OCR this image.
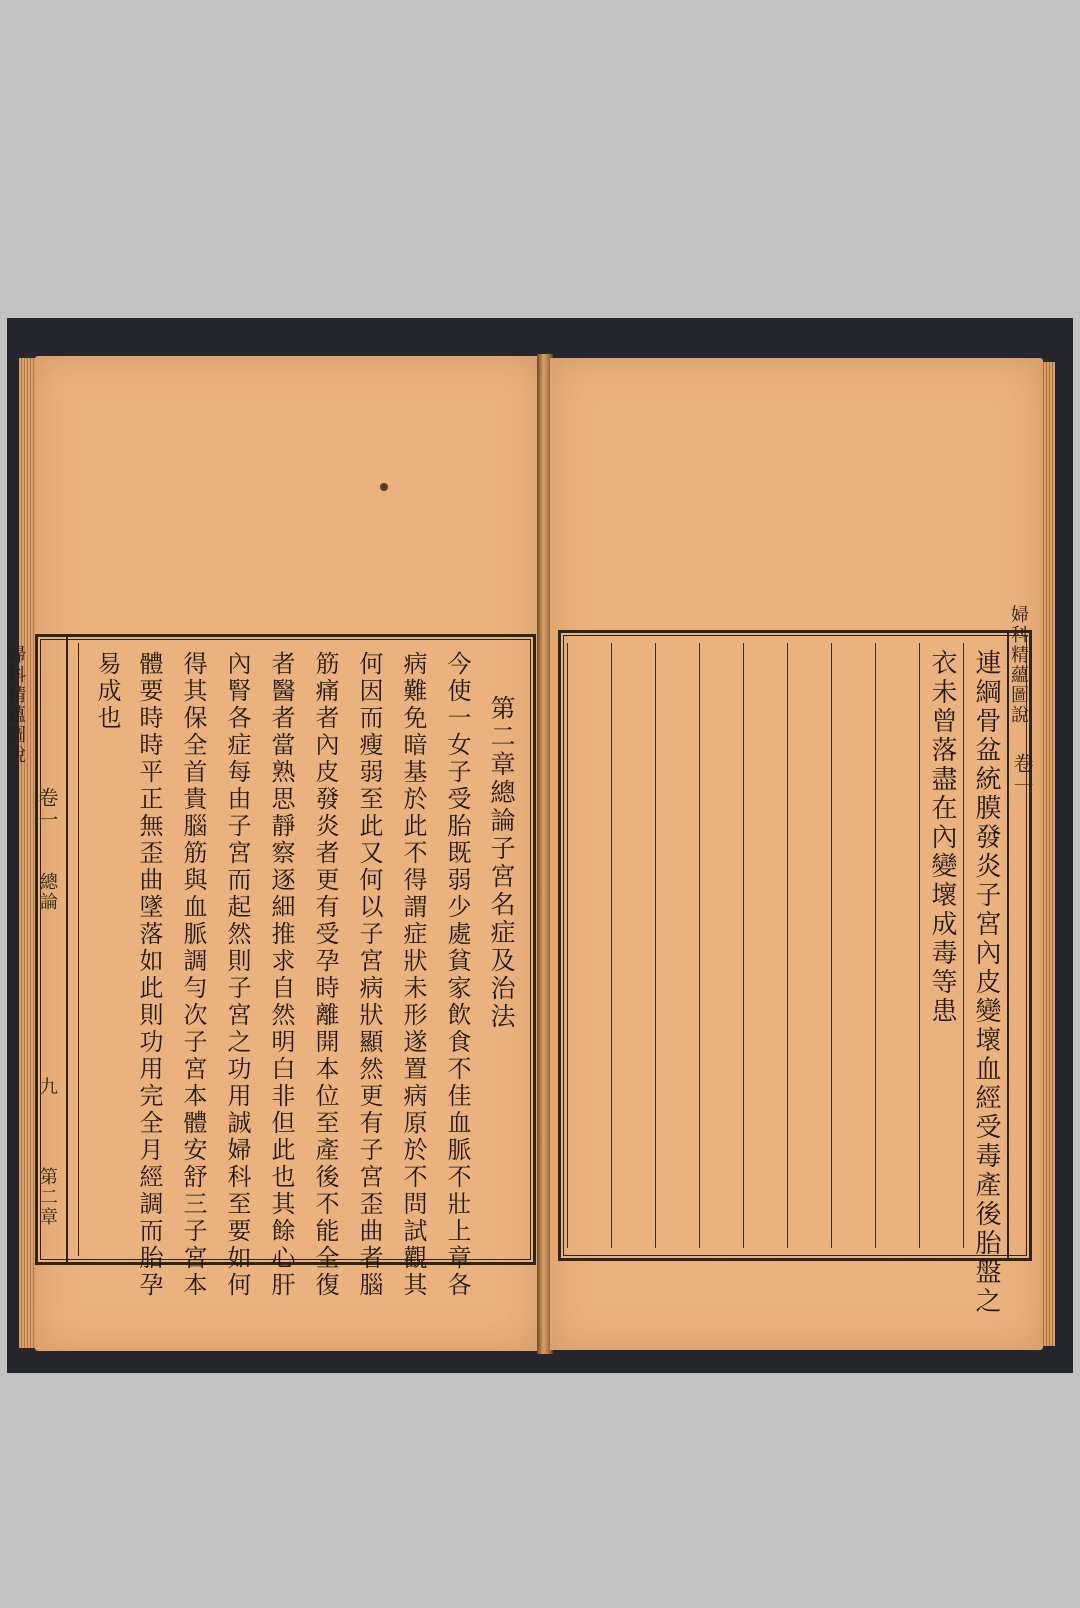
婦科精蘊圖說
卷一
總論
九
第二章
第二章總論子宮名症及治法
今使一女子受胎既弱少處貧家飲食不佳血脈不壯上章各
病難免暗基於此不得謂症狀未形遂置病原於不問試觀其
何因而瘦弱至此又何以子宮病狀顯然更有子宮歪曲者腦
筋痛者內皮發炎者更有受孕時離開本位至產後不能全復
者醫者當熟思靜察逐細推求自然明白非但此也其餘心肝
內腎各症每由子宮而起然則子宮之功用誠婦科至要如何
得其保全首貴腦筋與血脈調勻次子宮本體安舒三子宮本
體要時時平正無歪曲墜落如此則功用完全月經調而胎孕
易成也	衣未曾落盡在內變壞成毒等患 連綱骨盆統膜發炎子宮內皮變壞血經受毒產後胎盤之 婦科精蘊圖說
卷一
